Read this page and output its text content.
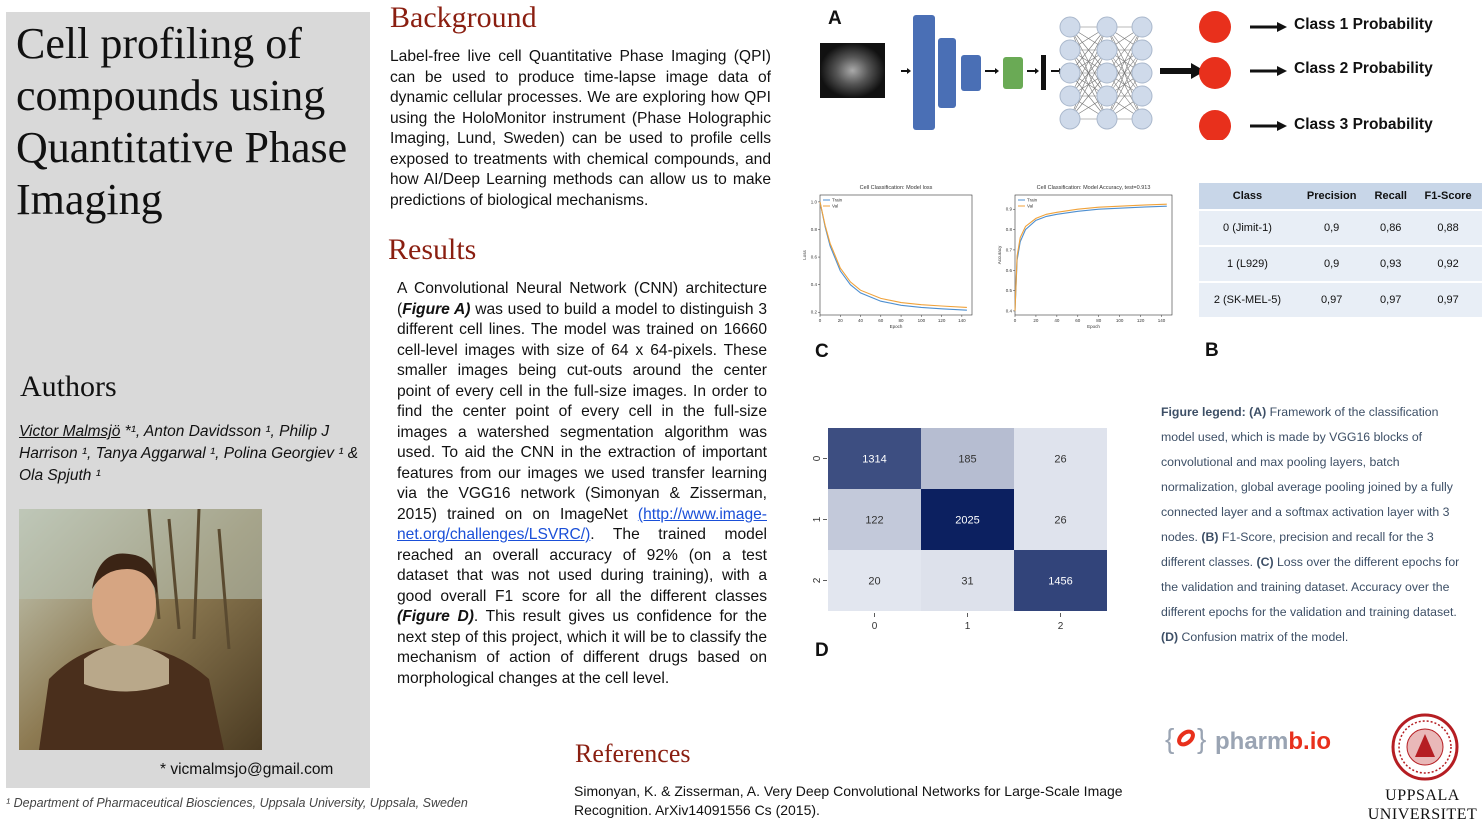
Cell profiling of compounds using Quantitative Phase Imaging
Authors
Victor Malmsjö *¹, Anton Davidsson ¹, Philip J Harrison ¹, Tanya Aggarwal ¹, Polina Georgiev ¹ & Ola Spjuth ¹
* vicmalmsjo@gmail.com
¹ Department of Pharmaceutical Biosciences, Uppsala University, Uppsala, Sweden
Background
Label-free live cell Quantitative Phase Imaging (QPI) can be used to produce time-lapse image data of dynamic cellular processes. We are exploring how QPI using the HoloMonitor instrument (Phase Holographic Imaging, Lund, Sweden) can be used to profile cells exposed to treatments with chemical compounds, and how AI/Deep Learning methods can allow us to make predictions of biological mechanisms.
Results
A Convolutional Neural Network (CNN) architecture (Figure A) was used to build a model to distinguish 3 different cell lines. The model was trained on 16660 cell-level images with size of 64 x 64-pixels. These smaller images being cut-outs around the center point of every cell in the full-size images. In order to find the center point of every cell in the full-size images a watershed segmentation algorithm was used. To aid the CNN in the extraction of important features from our images we used transfer learning via the VGG16 network (Simonyan & Zisserman, 2015) trained on on ImageNet (http://www.image-net.org/challenges/LSVRC/). The trained model reached an overall accuracy of 92% (on a test dataset that was not used during training), with a good overall F1 score for all the different classes (Figure D). This result gives us confidence for the next step of this project, which it will be to classify the mechanism of action of different drugs based on morphological changes at the cell level.
References
Simonyan, K. & Zisserman, A. Very Deep Convolutional Networks for Large-Scale Image Recognition. ArXiv14091556 Cs (2015).
A	Class 1 Probability
Class 2 Probability
Class 3 Probability
Class	Precision	Recall	F1-Score
0 (Jimit-1)	0,9	0,86	0,88
1 (L929)	0,9	0,93	0,92
2 (SK-MEL-5)	0,97	0,97	0,97
B
Cell Classification: Model loss
0	20	40	60	80	100	120	140
0.2
0.4
0.6
0.8
1.0
Epoch
Loss
Train
Val
Cell Classification: Model Accuracy, test=0.913
0	20	40	60	80	100	120	140
0.4
0.5
0.6
0.7
0.8
0.9
Epoch
Accuracy
Train
Val
C
1314	185	26
122	2025	26
20	31	1456
0	1	2
0
1
2
D
Figure legend: (A) Framework of the classification model used, which is made by VGG16 blocks of convolutional and max pooling layers, batch normalization, global average pooling joined by a fully connected layer and a softmax activation layer with 3 nodes. (B) F1-Score, precision and recall for the 3 different classes. (C) Loss over the different epochs for the validation and training dataset. Accuracy over the different epochs for the validation and training dataset. (D) Confusion matrix of the model.
{ } pharmb.io
UPPSALA
UNIVERSITET
